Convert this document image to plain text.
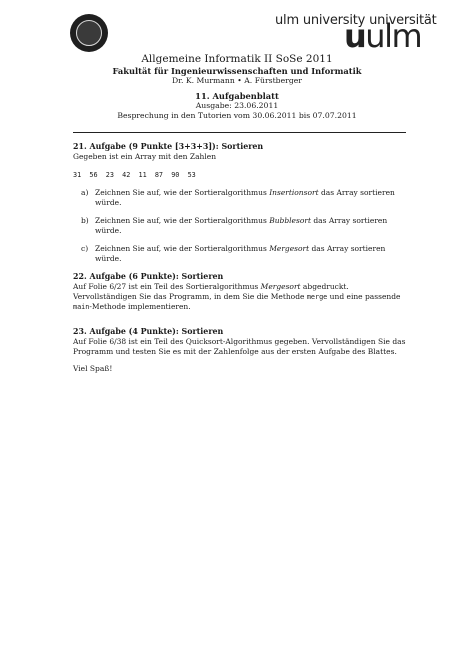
ulm university universität
uulm
Allgemeine Informatik II SoSe 2011
Fakultät für Ingenieurwissenschaften und Informatik
Dr. K. Murmann • A. Fürstberger
11. Aufgabenblatt
Ausgabe: 23.06.2011
Besprechung in den Tutorien vom 30.06.2011 bis 07.07.2011
21. Aufgabe (9 Punkte [3+3+3]): Sortieren
Gegeben ist ein Array mit den Zahlen
31  56  23  42  11  87  90  53
a) Zeichnen Sie auf, wie der Sortieralgorithmus Insertionsort das Array sortieren würde.
b) Zeichnen Sie auf, wie der Sortieralgorithmus Bubblesort das Array sortieren würde.
c) Zeichnen Sie auf, wie der Sortieralgorithmus Mergesort das Array sortieren würde.
22. Aufgabe (6 Punkte): Sortieren
Auf Folie 6/27 ist ein Teil des Sortieralgorithmus Mergesort abgedruckt. Vervollständigen Sie das Programm, in dem Sie die Methode merge und eine passende main-Methode implementieren.
23. Aufgabe (4 Punkte): Sortieren
Auf Folie 6/38 ist ein Teil des Quicksort-Algorithmus gegeben. Vervollständigen Sie das Programm und testen Sie es mit der Zahlenfolge aus der ersten Aufgabe des Blattes.
Viel Spaß!
